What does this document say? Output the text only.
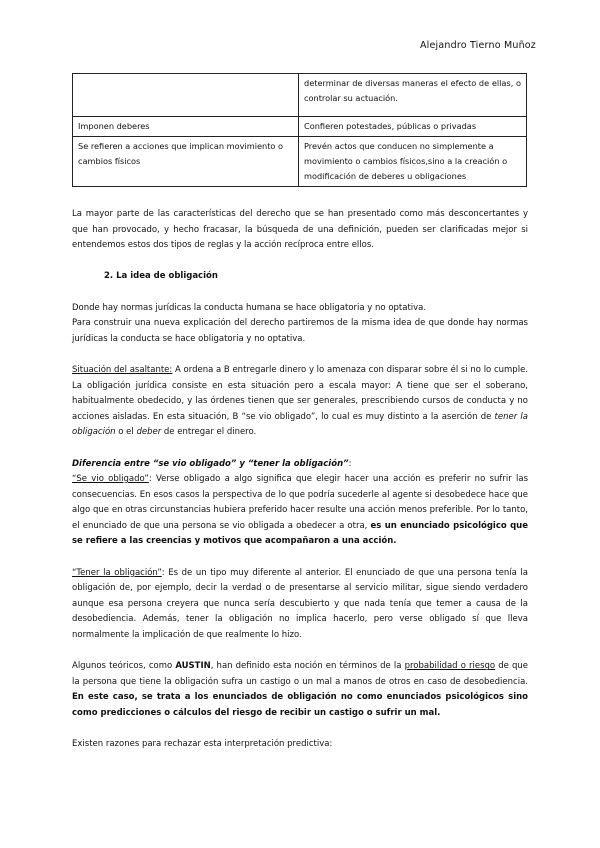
Alejandro Tierno Muñoz
	determinar de diversas maneras el efecto de ellas, o controlar su actuación.
Imponen deberes	Confieren potestades, públicas o privadas
Se refieren a acciones que implican movimiento o cambios físicos	Prevén actos que conducen no simplemente a movimiento o cambios físicos,sino a la creación o modificación de deberes u obligaciones

La mayor parte de las características del derecho que se han presentado como más desconcertantes y que han provocado, y hecho fracasar, la búsqueda de una definición, pueden ser clarificadas mejor si entendemos estos dos tipos de reglas y la acción recíproca entre ellos.

2. La idea de obligación

Donde hay normas jurídicas la conducta humana se hace obligatoria y no optativa.

Para construir una nueva explicación del derecho partiremos de la misma idea de que donde hay normas jurídicas la conducta se hace obligatoria y no optativa.

Situación del asaltante: A ordena a B entregarle dinero y lo amenaza con disparar sobre él si no lo cumple. La obligación jurídica consiste en esta situación pero a escala mayor: A tiene que ser el soberano, habitualmente obedecido, y las órdenes tienen que ser generales, prescribiendo cursos de conducta y no acciones aisladas. En esta situación, B “se vio obligado”, lo cual es muy distinto a la aserción de tener la obligación o el deber de entregar el dinero.

Diferencia entre “se vio obligado” y “tener la obligación”:

“Se vio obligado”: Verse obligado a algo significa que elegir hacer una acción es preferir no sufrir las consecuencias. En esos casos la perspectiva de lo que podría sucederle al agente si desobedece hace que algo que en otras circunstancias hubiera preferido hacer resulte una acción menos preferible. Por lo tanto, el enunciado de que una persona se vio obligada a obedecer a otra, es un enunciado psicológico que se refiere a las creencias y motivos que acompañaron a una acción.

“Tener la obligación”: Es de un tipo muy diferente al anterior. El enunciado de que una persona tenía la obligación de, por ejemplo, decir la verdad o de presentarse al servicio militar, sigue siendo verdadero aunque esa persona creyera que nunca sería descubierto y que nada tenía que temer a causa de la desobediencia. Además, tener la obligación no implica hacerlo, pero verse obligado sí que lleva normalmente la implicación de que realmente lo hizo.

Algunos teóricos, como AUSTIN, han definido esta noción en términos de la probabilidad o riesgo de que la persona que tiene la obligación sufra un castigo o un mal a manos de otros en caso de desobediencia. En este caso, se trata a los enunciados de obligación no como enunciados psicológicos sino como predicciones o cálculos del riesgo de recibir un castigo o sufrir un mal.

Existen razones para rechazar esta interpretación predictiva:
